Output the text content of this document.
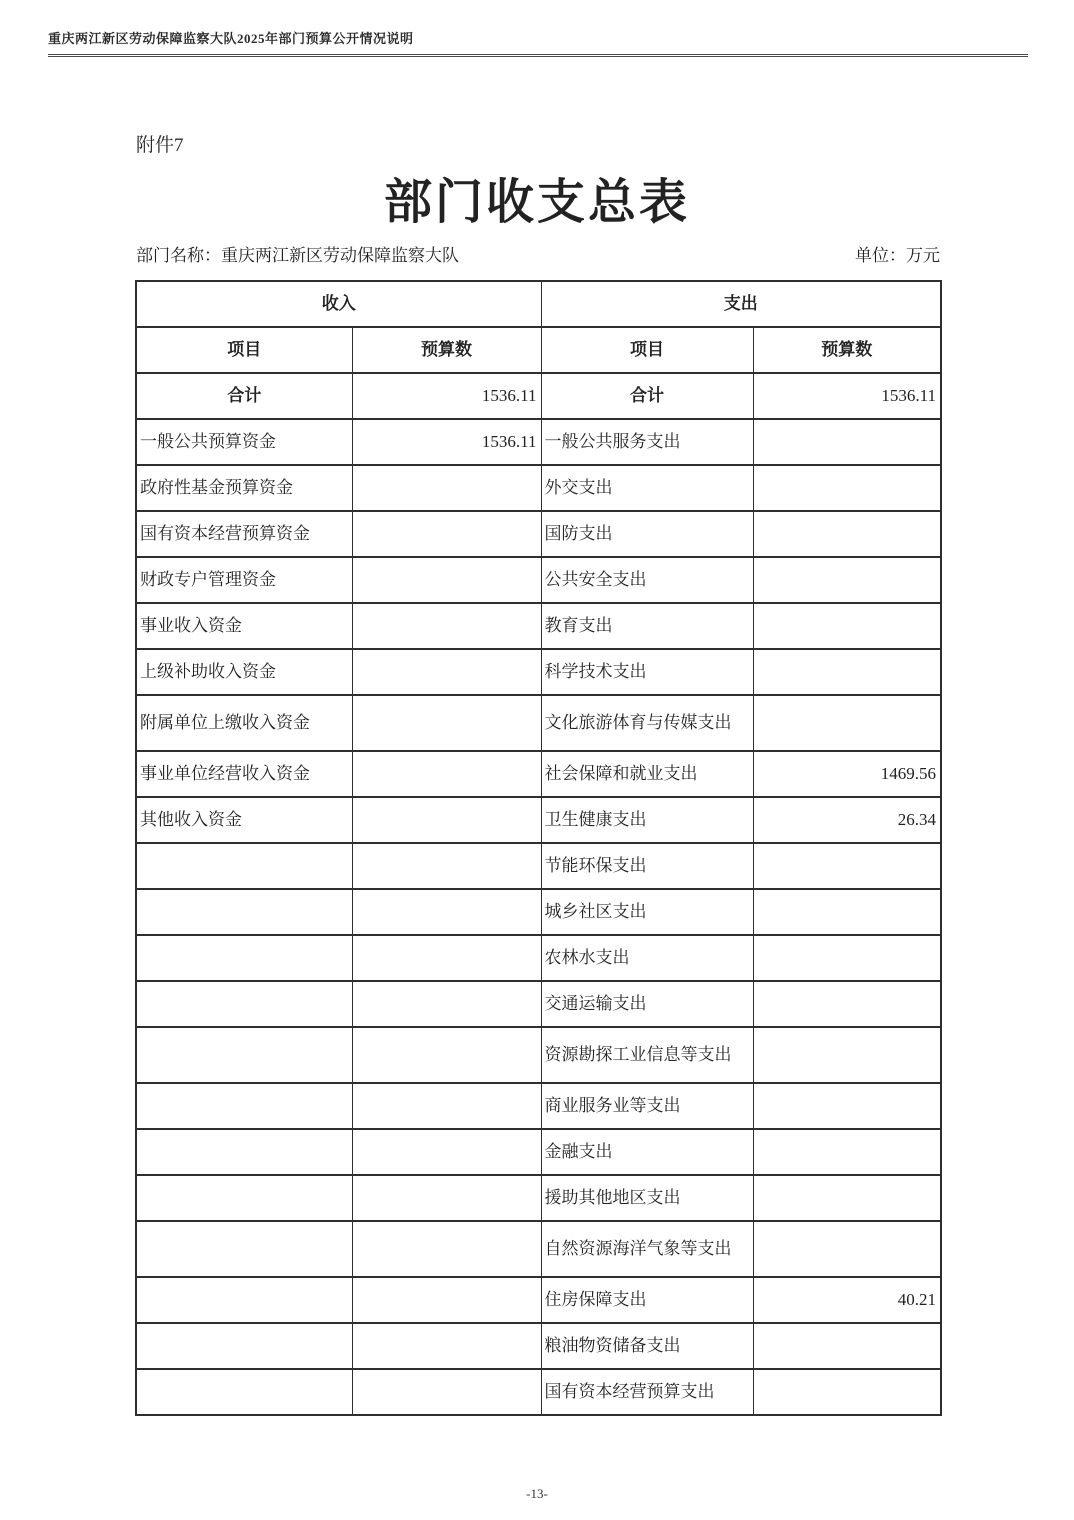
重庆两江新区劳动保障监察大队2025年部门预算公开情况说明
附件7
部门收支总表
部门名称：重庆两江新区劳动保障监察大队	单位：万元
收入		支出	
项目	预算数	项目	预算数
合计	1536.11	合计	1536.11
一般公共预算资金	1536.11	一般公共服务支出	
政府性基金预算资金		外交支出	
国有资本经营预算资金		国防支出	
财政专户管理资金		公共安全支出	
事业收入资金		教育支出	
上级补助收入资金		科学技术支出	
附属单位上缴收入资金		文化旅游体育与传媒支出	
事业单位经营收入资金		社会保障和就业支出	1469.56
其他收入资金		卫生健康支出	26.34
		节能环保支出	
		城乡社区支出	
		农林水支出	
		交通运输支出	
		资源勘探工业信息等支出	
		商业服务业等支出	
		金融支出	
		援助其他地区支出	
		自然资源海洋气象等支出	
		住房保障支出	40.21
		粮油物资储备支出	
		国有资本经营预算支出	
-13-
